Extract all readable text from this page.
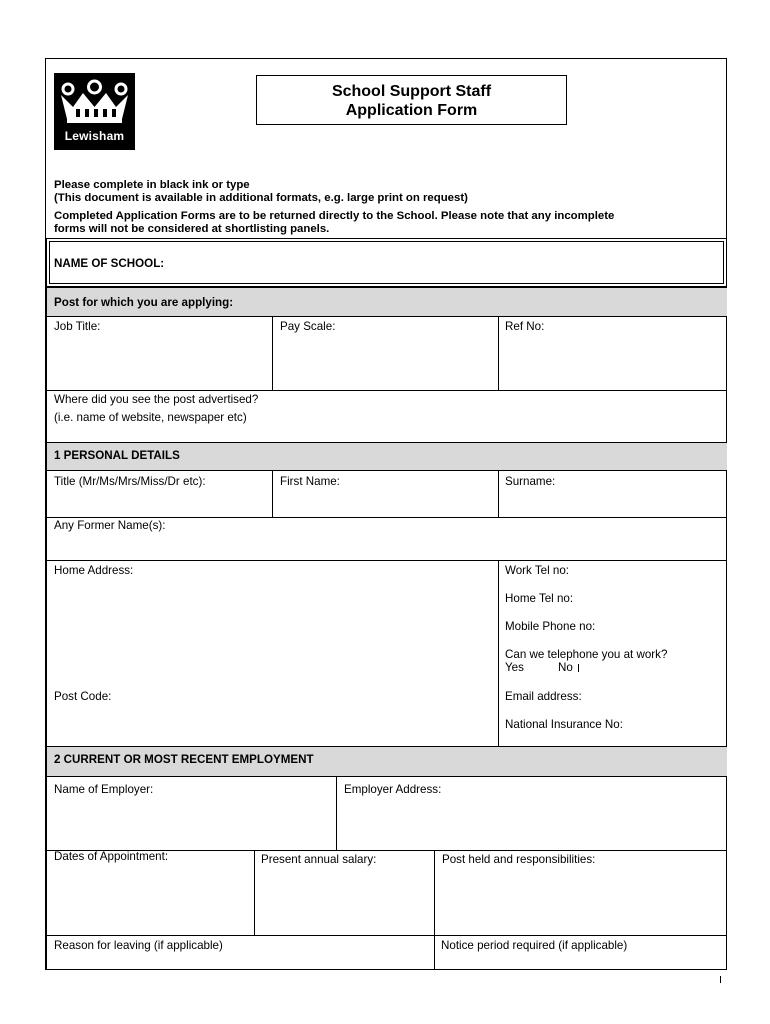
Lewisham
School Support Staff
Application Form
Please complete in black ink or type
(This document is available in additional formats, e.g. large print on request)
Completed Application Forms are to be returned directly to the School. Please note that any incomplete
forms will not be considered at shortlisting panels.
NAME OF SCHOOL:
Post for which you are applying:
Job Title:	Pay Scale:	Ref No:
Where did you see the post advertised?
(i.e. name of website, newspaper etc)
1 PERSONAL DETAILS
Title (Mr/Ms/Mrs/Miss/Dr etc):	First Name:	Surname:
Any Former Name(s):
Home Address:
Post Code:
Work Tel no:
Home Tel no:
Mobile Phone no:
Can we telephone you at work?
Yes	No
Email address:
National Insurance No:
2 CURRENT OR MOST RECENT EMPLOYMENT
Name of Employer:	Employer Address:
Dates of Appointment:	Present annual salary:	Post held and responsibilities:
Reason for leaving (if applicable)	Notice period required (if applicable)
